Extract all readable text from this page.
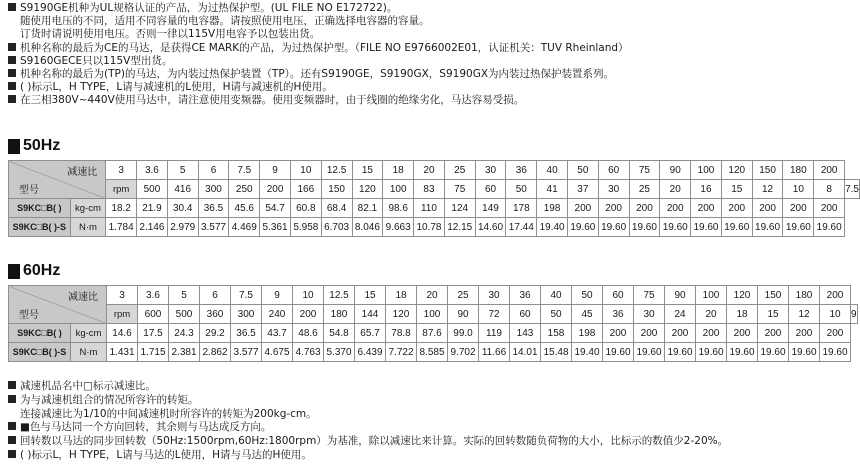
S9190GE机种为UL规格认证的产品，为过热保护型。(UL FILE NO E172722)。
随使用电压的不同，适用不同容量的电容器。请按照使用电压，正确选择电容器的容量。
订货时请说明使用电压。否则一律以115V用电容予以包装出货。
机种名称的最后为CE的马达，是获得CE MARK的产品，为过热保护型。（FILE NO E9766002E01，认证机关：TUV Rheinland）
S9160GECE只以115V型出货。
机种名称的最后为(TP)的马达，为内装过热保护装置（TP）。还有S9190GE，S9190GX，S9190GX为内装过热保护装置系列。
( )标示L，H TYPE，L请与减速机的L使用，H请与减速机的H使用。
在三相380V~440V使用马达中，请注意使用变频器。使用变频器时，由于线圈的绝缘劣化，马达容易受损。
50Hz
减速比
型号		3	3.6	5	6	7.5	9	10	12.5	15	18	20	25	30	36	40	50	60	75	90	100	120	150	180	200	
		rpm	500	416	300	250	200	166	150	120	100	83	75	60	50	41	37	30	25	20	16	15	12	10	8	7.5
S9KC□B( )	kg-cm	18.2	21.9	30.4	36.5	45.6	54.7	60.8	68.4	82.1	98.6	110	124	149	178	198	200	200	200	200	200	200	200	200	200	
S9KC□B( )-S	N·m	1.784	2.146	2.979	3.577	4.469	5.361	5.958	6.703	8.046	9.663	10.78	12.15	14.60	17.44	19.40	19.60	19.60	19.60	19.60	19.60	19.60	19.60	19.60	19.60	
60Hz
减速比
型号		3	3.6	5	6	7.5	9	10	12.5	15	18	20	25	30	36	40	50	60	75	90	100	120	150	180	200	
		rpm	600	500	360	300	240	200	180	144	120	100	90	72	60	50	45	36	30	24	20	18	15	12	10	9
S9KC□B( )	kg-cm	14.6	17.5	24.3	29.2	36.5	43.7	48.6	54.8	65.7	78.8	87.6	99.0	119	143	158	198	200	200	200	200	200	200	200	200	
S9KC□B( )-S	N·m	1.431	1.715	2.381	2.862	3.577	4.675	4.763	5.370	6.439	7.722	8.585	9.702	11.66	14.01	15.48	19.40	19.60	19.60	19.60	19.60	19.60	19.60	19.60	19.60	
减速机品名中□标示减速比。
为与减速机组合的情况所容许的转矩。
连接减速比为1/10的中间减速机时所容许的转矩为200kg-cm。
■色与马达同一个方向回转，其余则与马达成反方向。
回转数以马达的同步回转数（50Hz:1500rpm,60Hz:1800rpm）为基准，除以减速比来计算。实际的回转数随负荷物的大小，比标示的数值少2-20%。
( )标示L，H TYPE，L请与马达的L使用，H请与马达的H使用。
